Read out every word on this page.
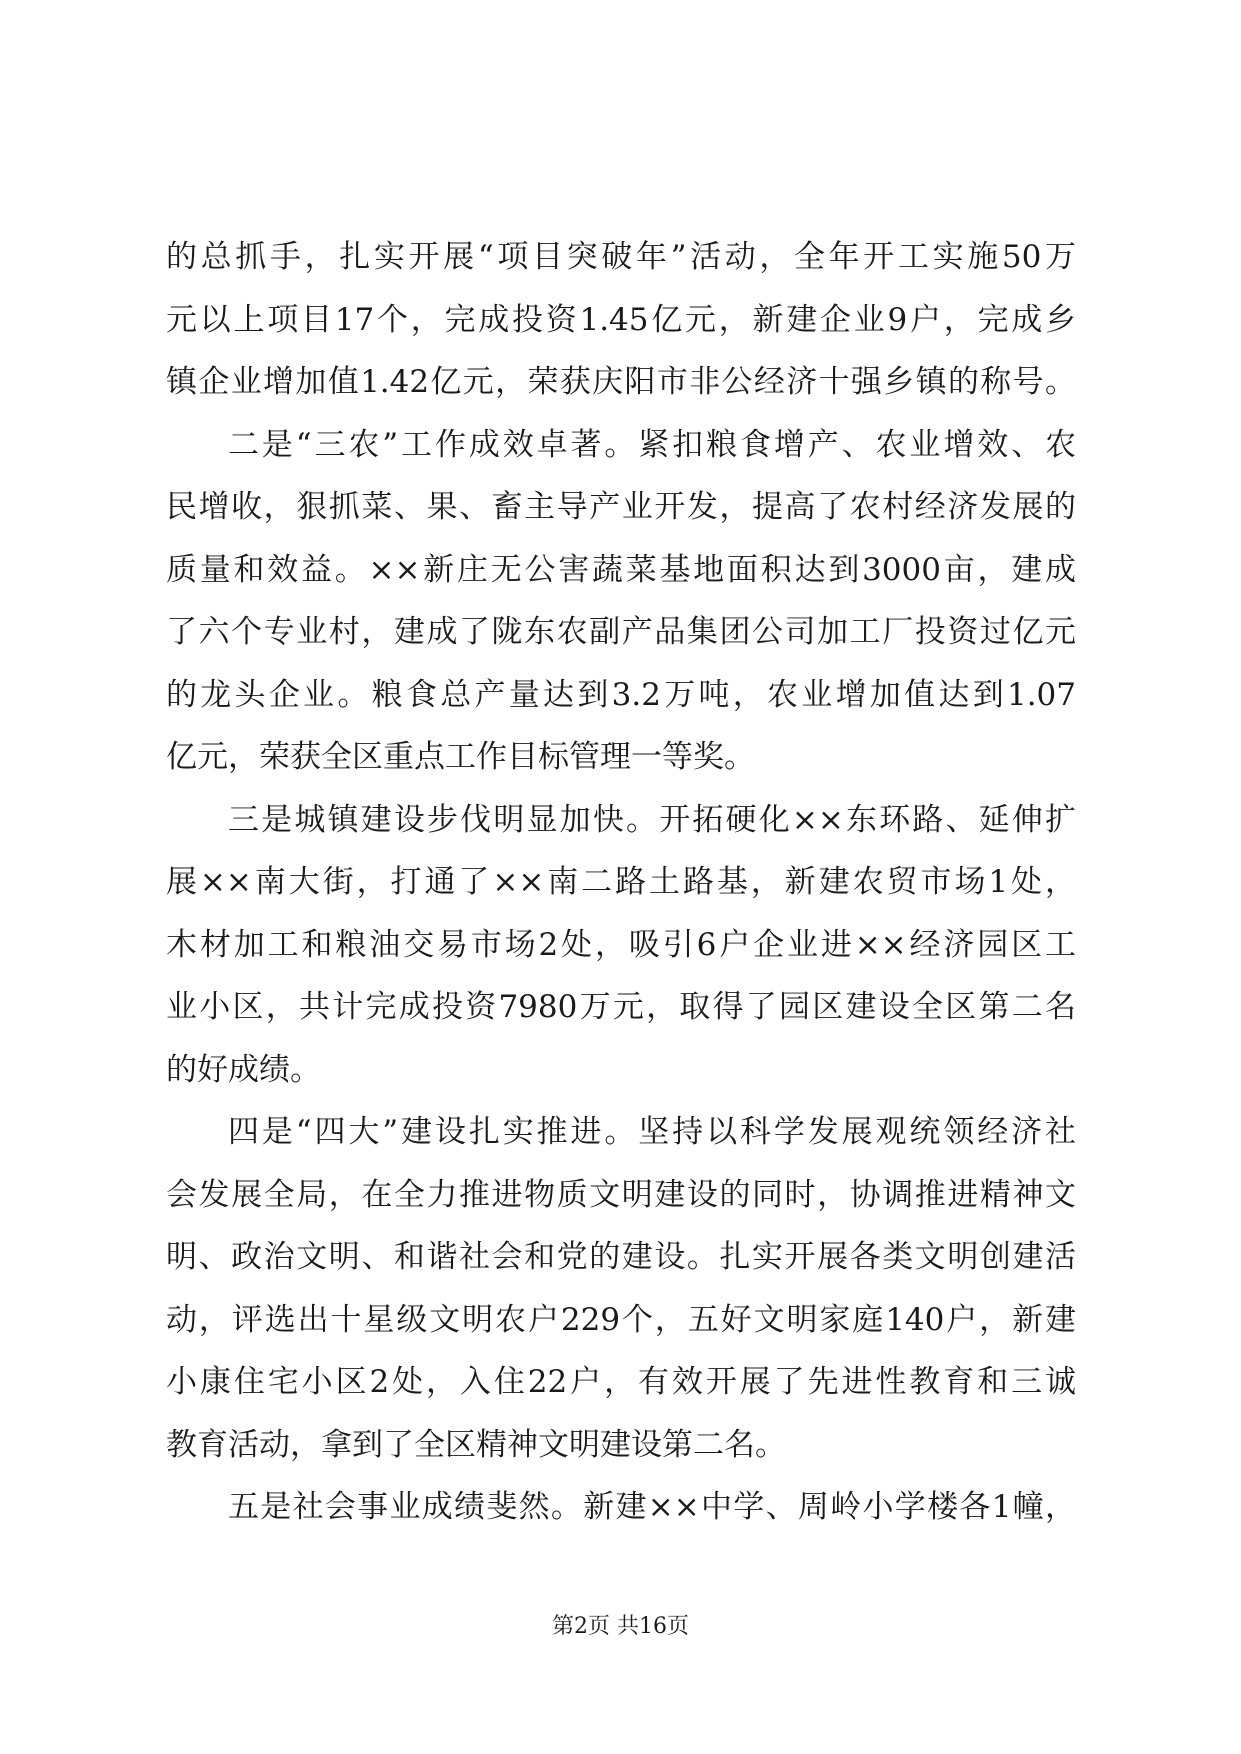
的总抓手，扎实开展“项目突破年”活动，全年开工实施50万
元以上项目17个，完成投资1.45亿元，新建企业9户，完成乡
镇企业增加值1.42亿元，荣获庆阳市非公经济十强乡镇的称号。
二是“三农”工作成效卓著。紧扣粮食增产、农业增效、农
民增收，狠抓菜、果、畜主导产业开发，提高了农村经济发展的
质量和效益。××新庄无公害蔬菜基地面积达到3000亩，建成
了六个专业村，建成了陇东农副产品集团公司加工厂投资过亿元
的龙头企业。粮食总产量达到3.2万吨，农业增加值达到1.07
亿元，荣获全区重点工作目标管理一等奖。
三是城镇建设步伐明显加快。开拓硬化××东环路、延伸扩
展××南大街，打通了××南二路土路基，新建农贸市场1处，
木材加工和粮油交易市场2处，吸引6户企业进××经济园区工
业小区，共计完成投资7980万元，取得了园区建设全区第二名
的好成绩。
四是“四大”建设扎实推进。坚持以科学发展观统领经济社
会发展全局，在全力推进物质文明建设的同时，协调推进精神文
明、政治文明、和谐社会和党的建设。扎实开展各类文明创建活
动，评选出十星级文明农户229个，五好文明家庭140户，新建
小康住宅小区2处，入住22户，有效开展了先进性教育和三诚
教育活动，拿到了全区精神文明建设第二名。
五是社会事业成绩斐然。新建××中学、周岭小学楼各1幢，
第2页 共16页
